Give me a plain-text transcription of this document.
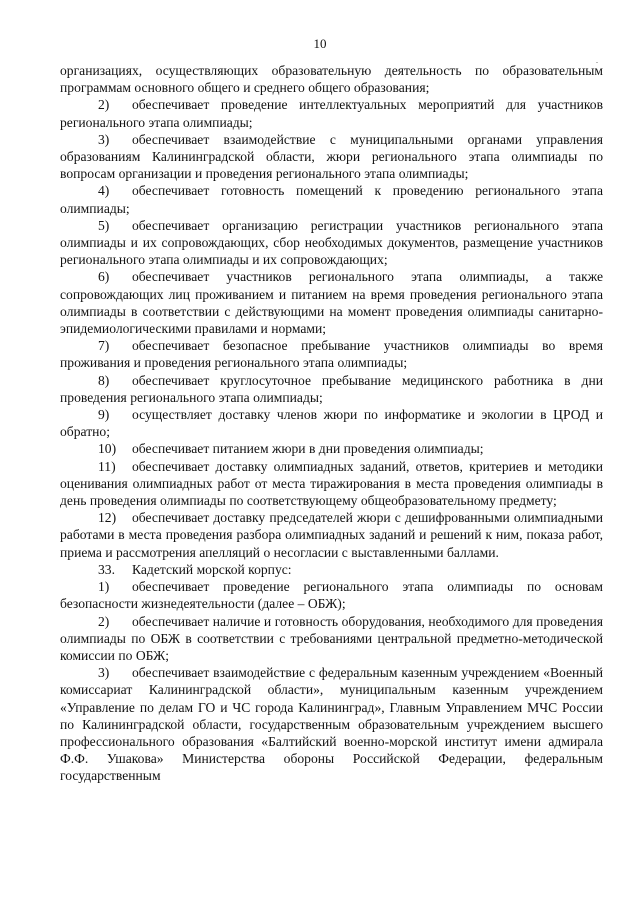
10

организациях, осуществляющих образовательную деятельность по образовательным программам основного общего и среднего общего образования;

2) обеспечивает проведение интеллектуальных мероприятий для участников регионального этапа олимпиады;

3) обеспечивает взаимодействие с муниципальными органами управления образованиям Калининградской области, жюри регионального этапа олимпиады по вопросам организации и проведения регионального этапа олимпиады;

4) обеспечивает готовность помещений к проведению регионального этапа олимпиады;

5) обеспечивает организацию регистрации участников регионального этапа олимпиады и их сопровождающих, сбор необходимых документов, размещение участников регионального этапа олимпиады и их сопровождающих;

6) обеспечивает участников регионального этапа олимпиады, а также сопровождающих лиц проживанием и питанием на время проведения регионального этапа олимпиады в соответствии с действующими на момент проведения олимпиады санитарно-эпидемиологическими правилами и нормами;

7) обеспечивает безопасное пребывание участников олимпиады во время проживания и проведения регионального этапа олимпиады;

8) обеспечивает круглосуточное пребывание медицинского работника в дни проведения регионального этапа олимпиады;

9) осуществляет доставку членов жюри по информатике и экологии в ЦРОД и обратно;

10) обеспечивает питанием жюри в дни проведения олимпиады;

11) обеспечивает доставку олимпиадных заданий, ответов, критериев и методики оценивания олимпиадных работ от места тиражирования в места проведения олимпиады в день проведения олимпиады по соответствующему общеобразовательному предмету;

12) обеспечивает доставку председателей жюри с дешифрованными олимпиадными работами в места проведения разбора олимпиадных заданий и решений к ним, показа работ, приема и рассмотрения апелляций о несогласии с выставленными баллами.

33. Кадетский морской корпус:

1) обеспечивает проведение регионального этапа олимпиады по основам безопасности жизнедеятельности (далее – ОБЖ);

2) обеспечивает наличие и готовность оборудования, необходимого для проведения олимпиады по ОБЖ в соответствии с требованиями центральной предметно-методической комиссии по ОБЖ;

3) обеспечивает взаимодействие с федеральным казенным учреждением «Военный комиссариат Калининградской области», муниципальным казенным учреждением «Управление по делам ГО и ЧС города Калининград», Главным Управлением МЧС России по Калининградской области, государственным образовательным учреждением высшего профессионального образования «Балтийский военно-морской институт имени адмирала Ф.Ф. Ушакова» Министерства обороны Российской Федерации, федеральным государственным
